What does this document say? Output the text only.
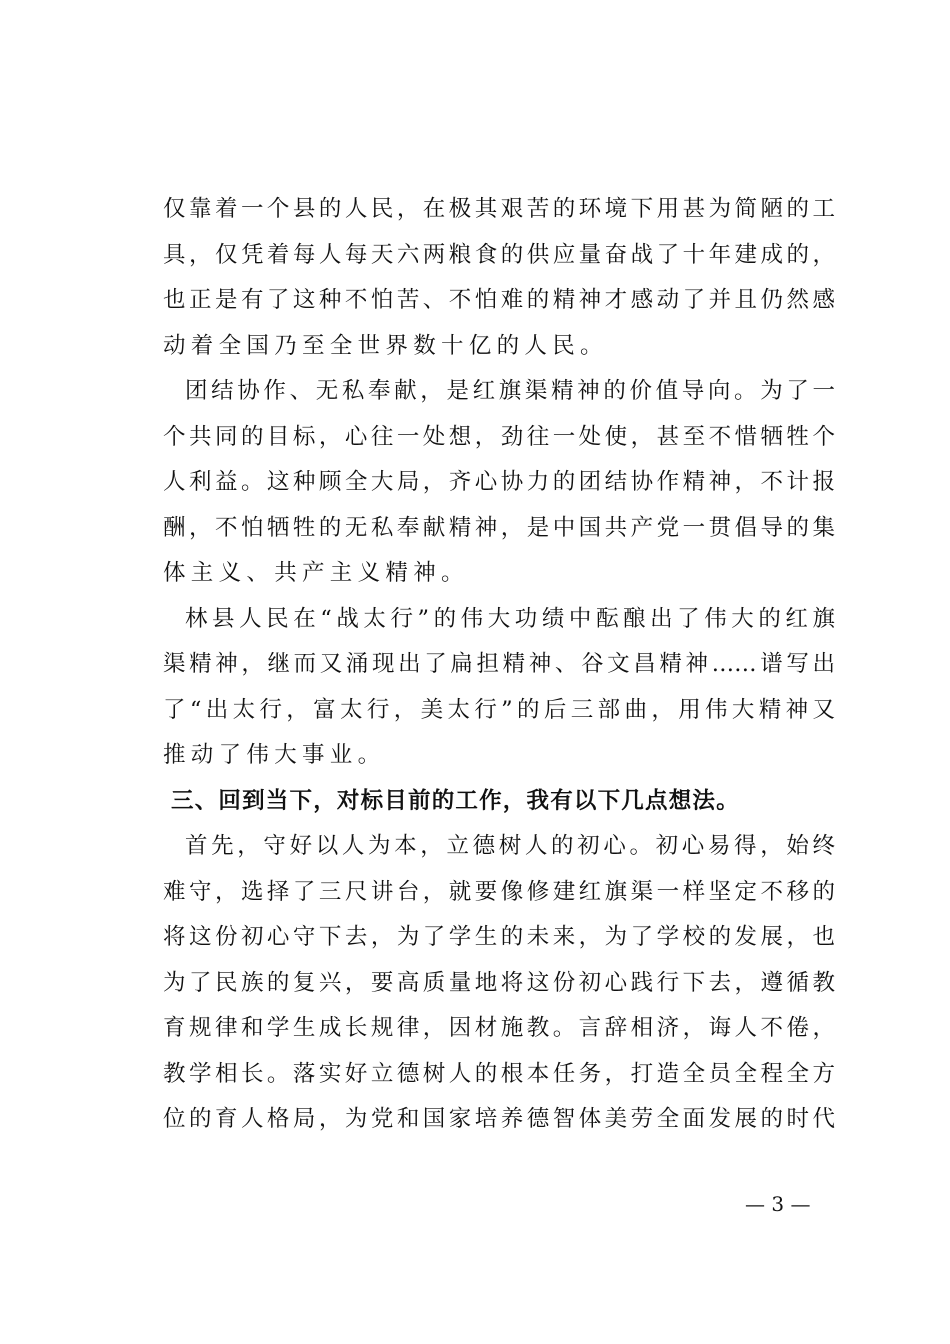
仅靠着一个县的人民，在极其艰苦的环境下用甚为简陋的工
具，仅凭着每人每天六两粮食的供应量奋战了十年建成的，
也正是有了这种不怕苦、不怕难的精神才感动了并且仍然感
动着全国乃至全世界数十亿的人民。
团结协作、无私奉献，是红旗渠精神的价值导向。为了一
个共同的目标，心往一处想，劲往一处使，甚至不惜牺牲个
人利益。这种顾全大局，齐心协力的团结协作精神，不计报
酬，不怕牺牲的无私奉献精神，是中国共产党一贯倡导的集
体主义、共产主义精神。
林县人民在“战太行”的伟大功绩中酝酿出了伟大的红旗
渠精神，继而又涌现出了扁担精神、谷文昌精神……谱写出
了“出太行，富太行，美太行”的后三部曲，用伟大精神又
推动了伟大事业。
三、回到当下，对标目前的工作，我有以下几点想法。
首先，守好以人为本，立德树人的初心。初心易得，始终
难守，选择了三尺讲台，就要像修建红旗渠一样坚定不移的
将这份初心守下去，为了学生的未来，为了学校的发展，也
为了民族的复兴，要高质量地将这份初心践行下去，遵循教
育规律和学生成长规律，因材施教。言辞相济，诲人不倦，
教学相长。落实好立德树人的根本任务，打造全员全程全方
位的育人格局，为党和国家培养德智体美劳全面发展的时代
— 3 —
